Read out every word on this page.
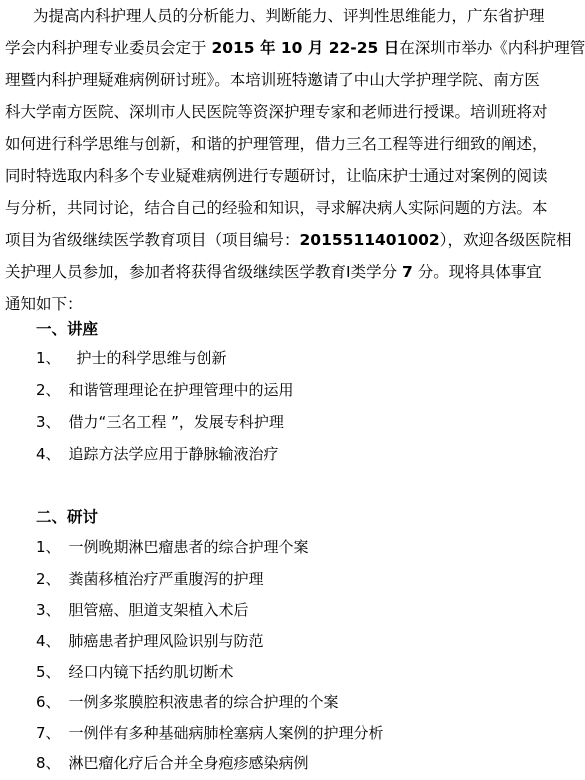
为提高内科护理人员的分析能力、判断能力、评判性思维能力，广东省护理
学会内科护理专业委员会定于 2015 年 10 月 22-25 日在深圳市举办《内科护理管
理暨内科护理疑难病例研讨班》。本培训班特邀请了中山大学护理学院、南方医
科大学南方医院、深圳市人民医院等资深护理专家和老师进行授课。培训班将对
如何进行科学思维与创新，和谐的护理管理，借力三名工程等进行细致的阐述，
同时特选取内科多个专业疑难病例进行专题研讨，让临床护士通过对案例的阅读
与分析，共同讨论，结合自己的经验和知识，寻求解决病人实际问题的方法。本
项目为省级继续医学教育项目（项目编号：2015511401002），欢迎各级医院相
关护理人员参加，参加者将获得省级继续医学教育Ⅰ类学分 7 分。现将具体事宜
通知如下：
一、讲座
1、 护士的科学思维与创新
2、 和谐管理理论在护理管理中的运用
3、 借力“三名工程 ”，发展专科护理
4、 追踪方法学应用于静脉输液治疗
二、研讨
1、 一例晚期淋巴瘤患者的综合护理个案
2、 粪菌移植治疗严重腹泻的护理
3、 胆管癌、胆道支架植入术后
4、 肺癌患者护理风险识别与防范
5、 经口内镜下括约肌切断术
6、 一例多浆膜腔积液患者的综合护理的个案
7、 一例伴有多种基础病肺栓塞病人案例的护理分析
8、 淋巴瘤化疗后合并全身疱疹感染病例
